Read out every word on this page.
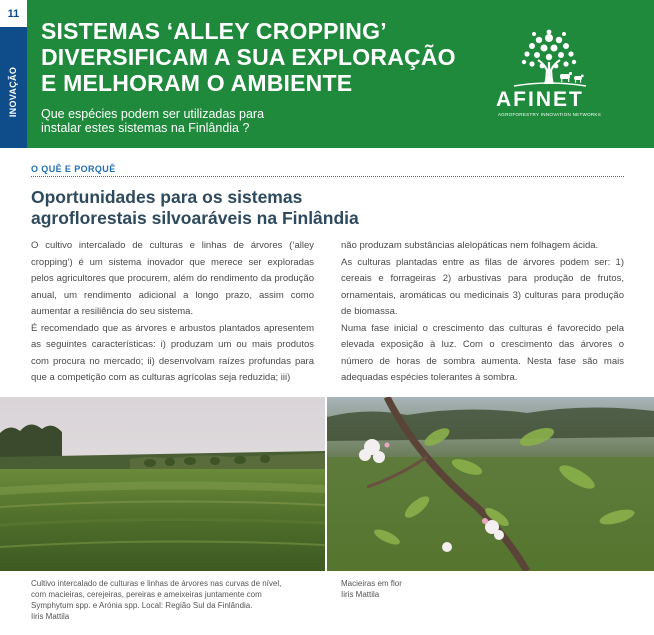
11
INOVAÇÃO
SISTEMAS ‘ALLEY CROPPING’
DIVERSIFICAM A SUA EXPLORAÇÃO
E MELHORAM O AMBIENTE
Que espécies podem ser utilizadas para
instalar estes sistemas na Finlândia ?
AFINET
AGROFORESTRY INNOVATION NETWORKS
O QUÊ E PORQUÊ
Oportunidades para os sistemas
agroflorestais silvoaráveis na Finlândia

O cultivo intercalado de culturas e linhas de árvores (‘alley cropping’) é um sistema inovador que merece ser exploradas pelos agricultores que procurem, além do rendimento da produção anual, um rendimento adicional a longo prazo, assim como aumentar a resiliência do seu sistema.

É recomendado que as árvores e arbustos plantados apresentem as seguintes características: i) produzam um ou mais produtos com procura no mercado; ii) desenvolvam raízes profundas para que a competição com as culturas agrícolas seja reduzida; iii)

não produzam substâncias alelopáticas nem folhagem ácida.

As culturas plantadas entre as filas de árvores podem ser: 1) cereais e forrageiras 2) arbustivas para produção de frutos, ornamentais, aromáticas ou medicinais 3) culturas para produção de biomassa.

Numa fase inicial o crescimento das culturas é favorecido pela elevada exposição à luz. Com o crescimento das árvores o número de horas de sombra aumenta. Nesta fase são mais adequadas espécies tolerantes à sombra.

Cultivo intercalado de culturas e linhas de árvores nas curvas de nível,
com macieiras, cerejeiras, pereiras e ameixeiras juntamente com
Symphytum spp. e Arónia spp. Local: Região Sul da Finlândia.
Iiris Mattila
Macieiras em flor
Iiris Mattila
